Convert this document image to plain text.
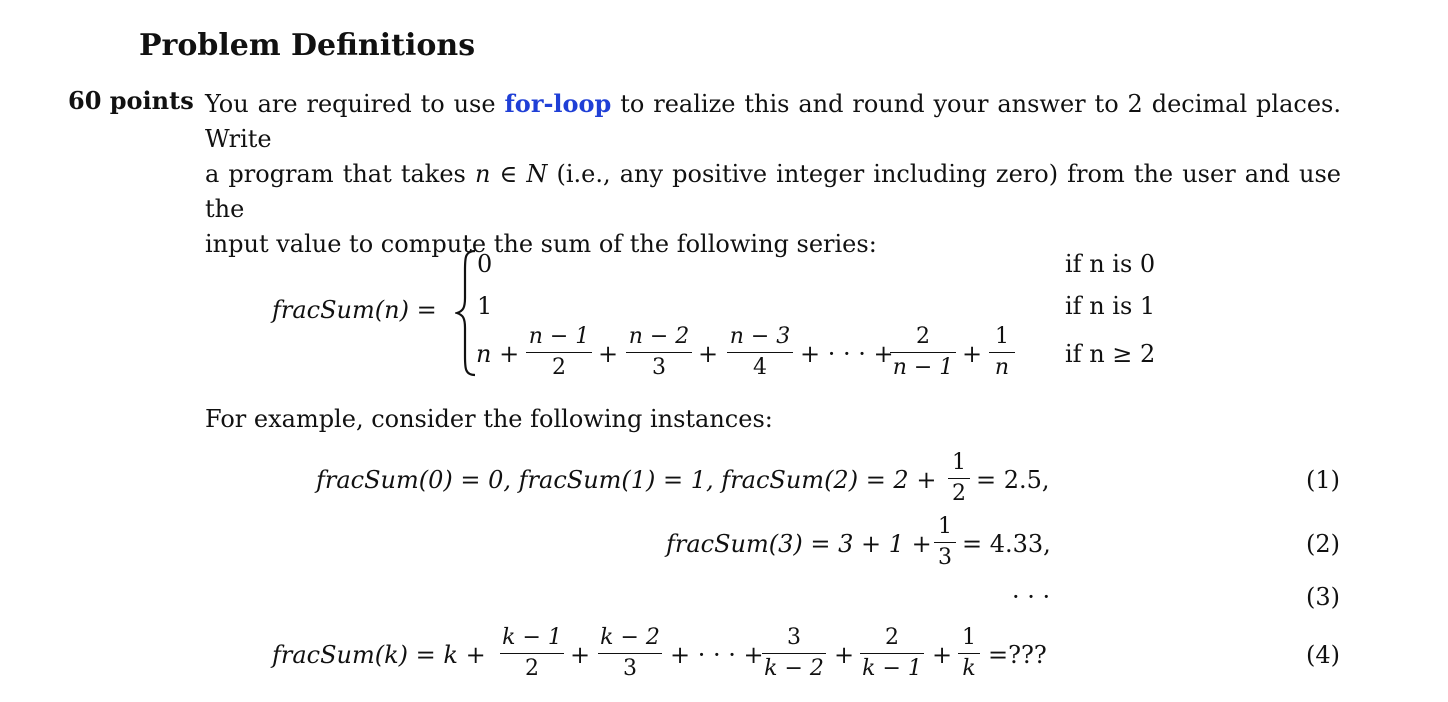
Problem Definitions
60 points You are required to use for-loop to realize this and round your answer to 2 decimal places. Write
a program that takes n ∈ N (i.e., any positive integer including zero) from the user and use the
input value to compute the sum of the following series:
fracSum(n) =
0	if n is 0
1	if n is 1
n +
n − 1
2	+
n − 2
3	+
n − 3
4	+ · · · +
2
n − 1 +
1
n if n ≥ 2
For example, consider the following instances:
fracSum(0) = 0, fracSum(1) = 1, fracSum(2) = 2 +
1
2 = 2.5,	(1)
fracSum(3) = 3 + 1 +
1
3 = 4.33,	(2)
· · ·	(3)
fracSum(k) = k +
k − 1
2	+
k − 2
3	+ · · · +
3
k − 2 +
2
k − 1 +
1
k =???	(4)
